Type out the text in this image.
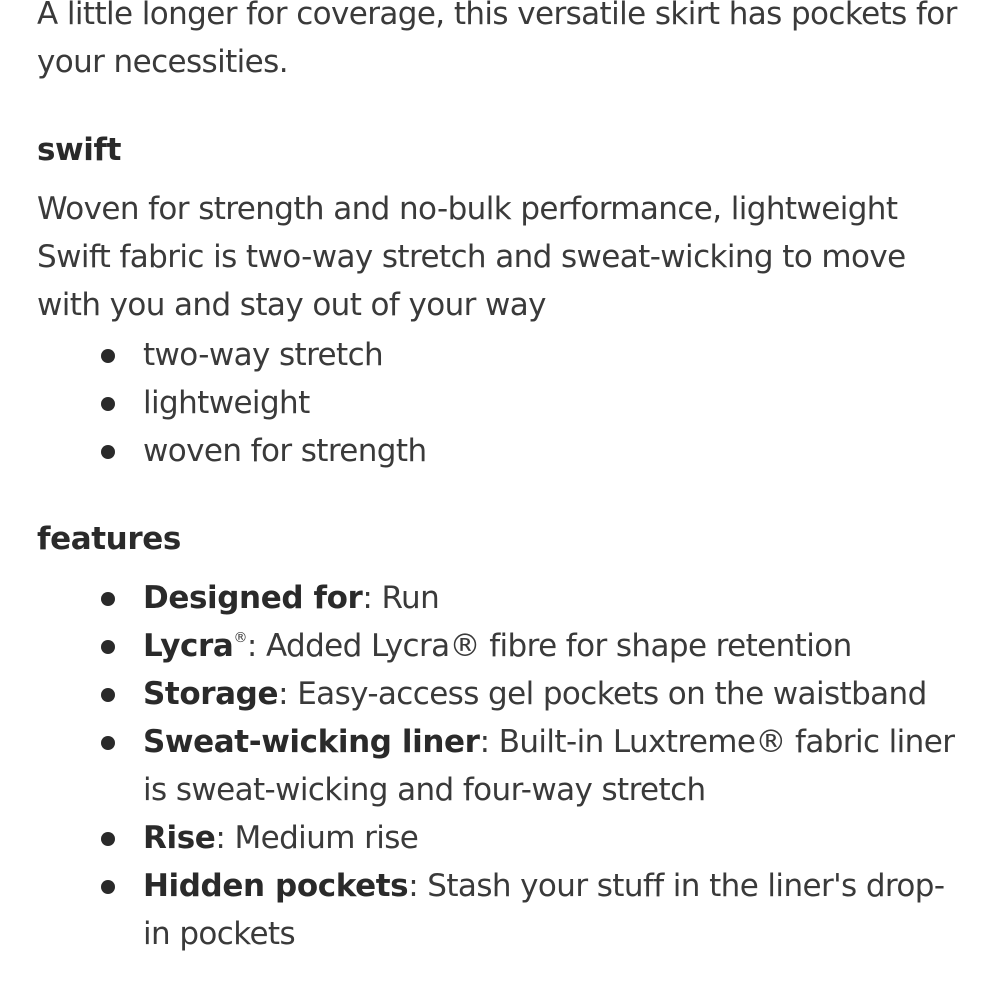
A little longer for coverage, this versatile skirt has pockets for your necessities.

swift

Woven for strength and no-bulk performance, lightweight Swift fabric is two-way stretch and sweat-wicking to move with you and stay out of your way

two-way stretch
lightweight
woven for strength
features
Designed for: Run
Lycra®: Added Lycra® fibre for shape retention
Storage: Easy-access gel pockets on the waistband
Sweat-wicking liner: Built-in Luxtreme® fabric liner is sweat-wicking and four-way stretch
Rise: Medium rise
Hidden pockets: Stash your stuff in the liner's drop-in pockets
